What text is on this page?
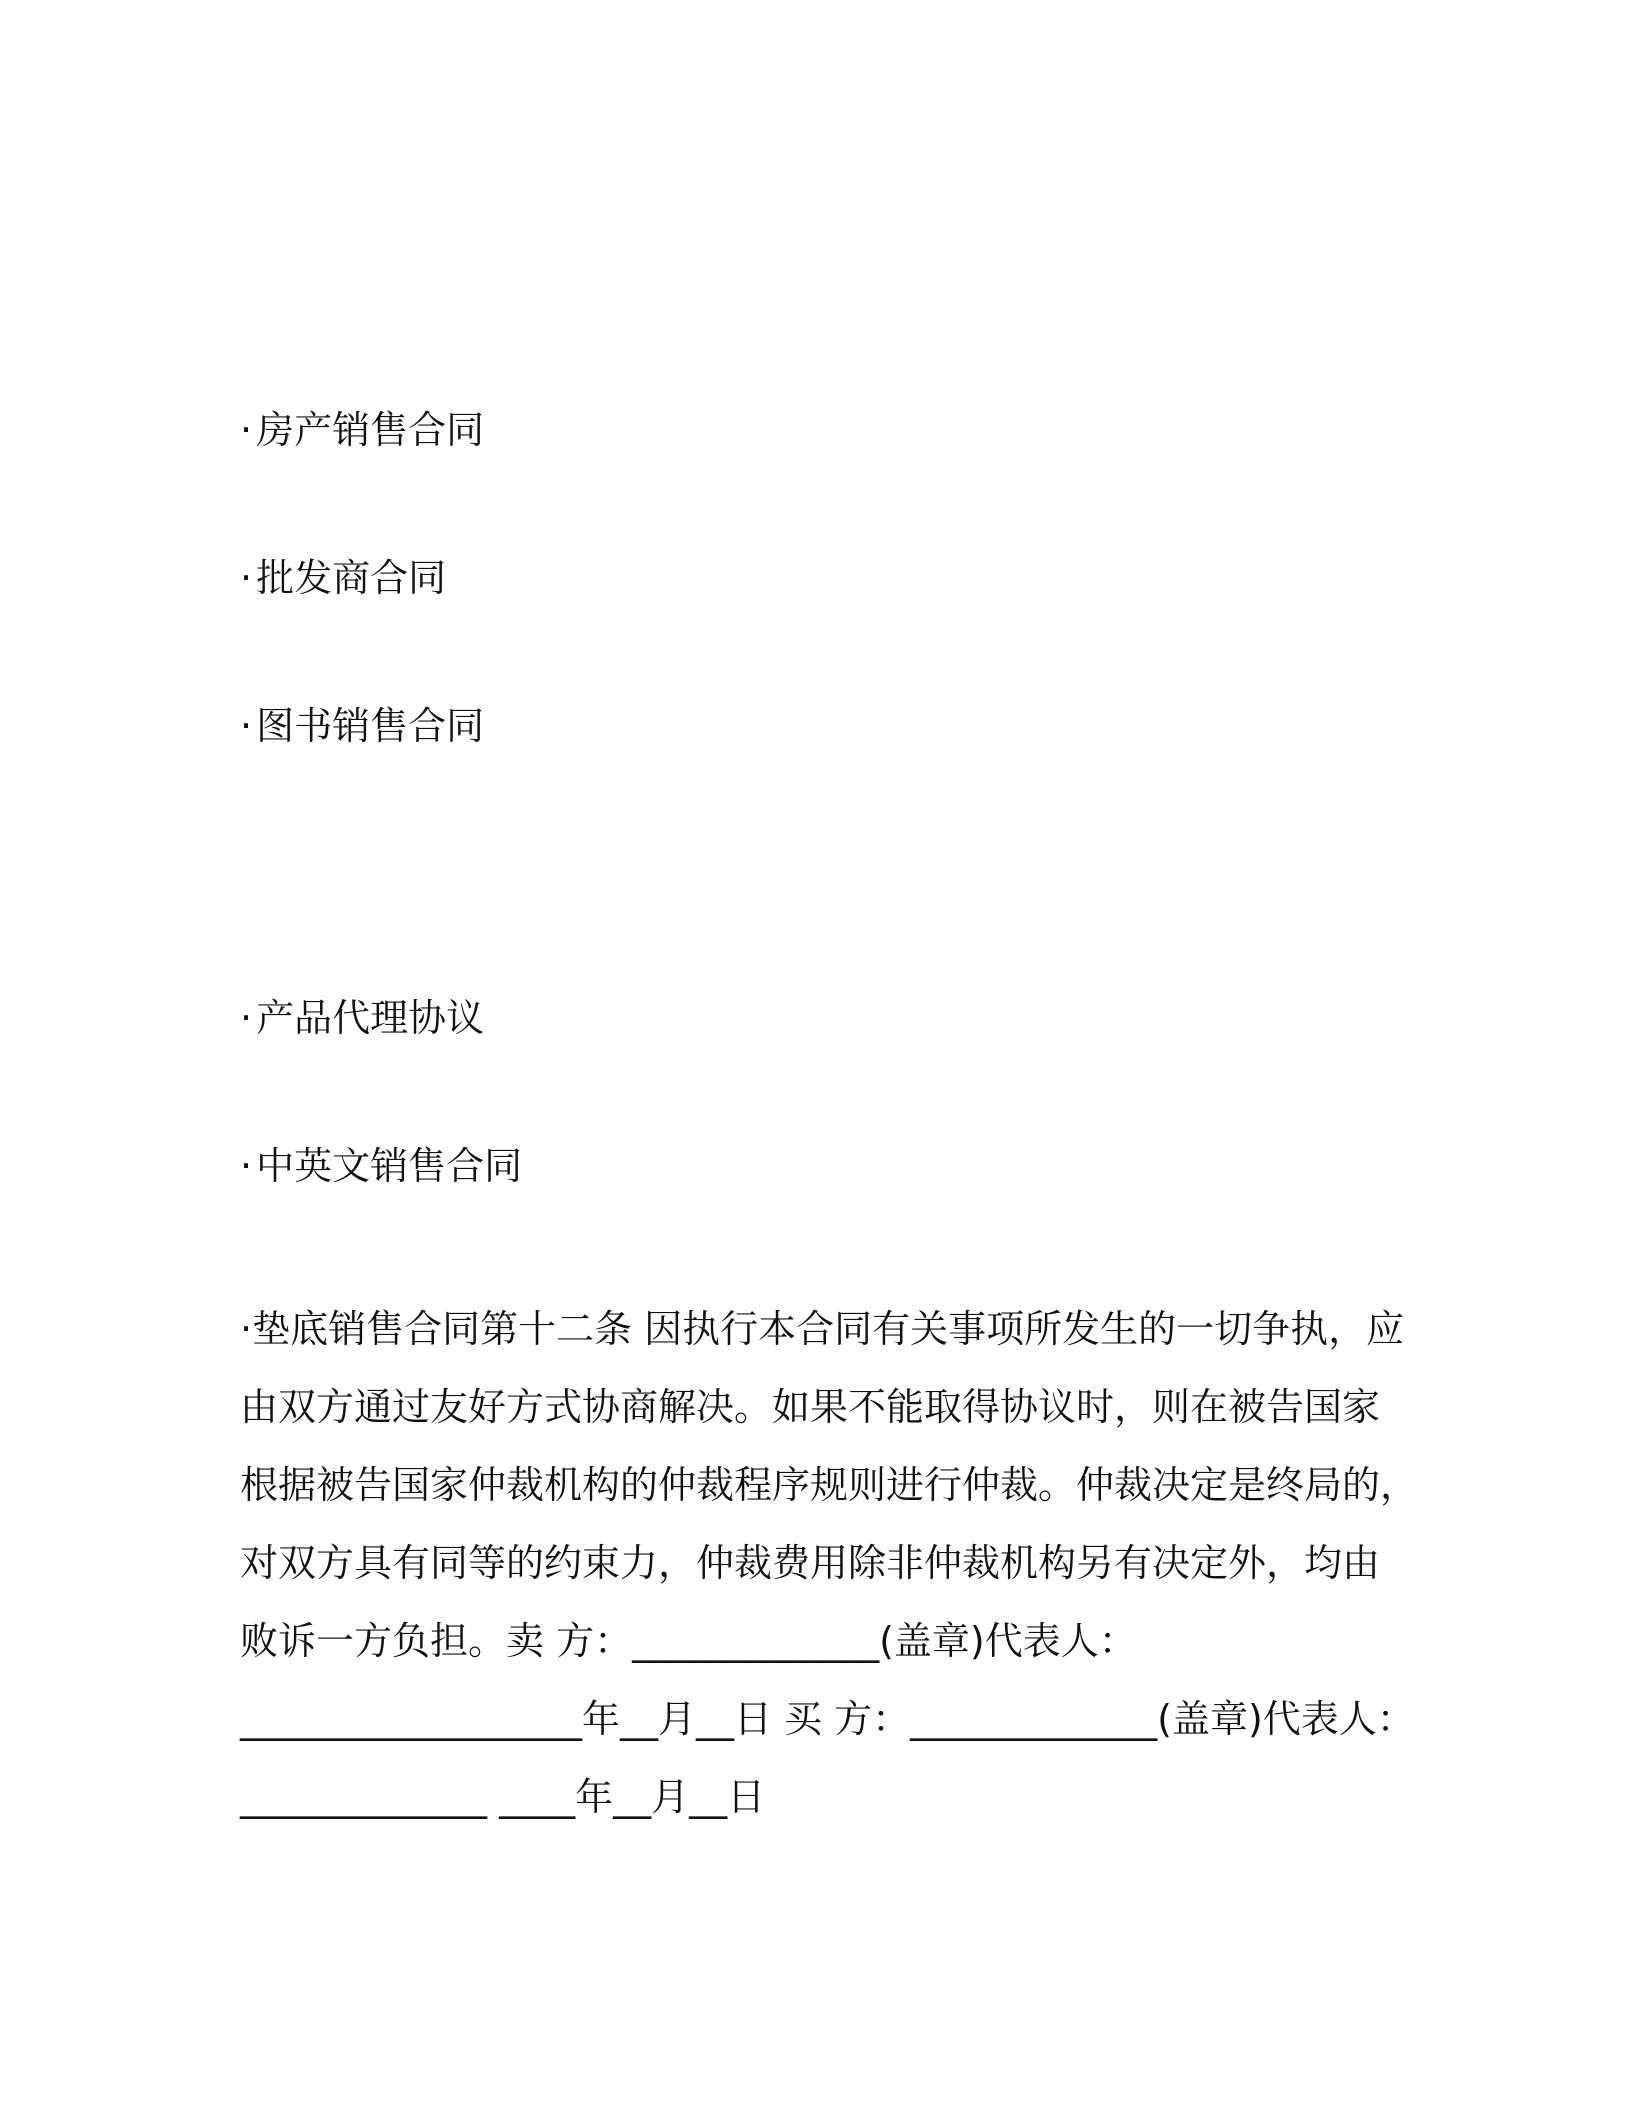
· 房产销售合同
· 批发商合同
· 图书销售合同
· 产品代理协议
· 中英文销售合同
·垫底销售合同第十二条 因执行本合同有关事项所发生的一切争执，应
由双方通过友好方式协商解决。如果不能取得协议时，则在被告国家
根据被告国家仲裁机构的仲裁程序规则进行仲裁。仲裁决定是终局的，
对双方具有同等的约束力，仲裁费用除非仲裁机构另有决定外，均由
败诉一方负担。卖 方：_____________(盖章)代表人：
__________________年__月__日 买 方：_____________(盖章)代表人：
_____________ ____年__月__日
